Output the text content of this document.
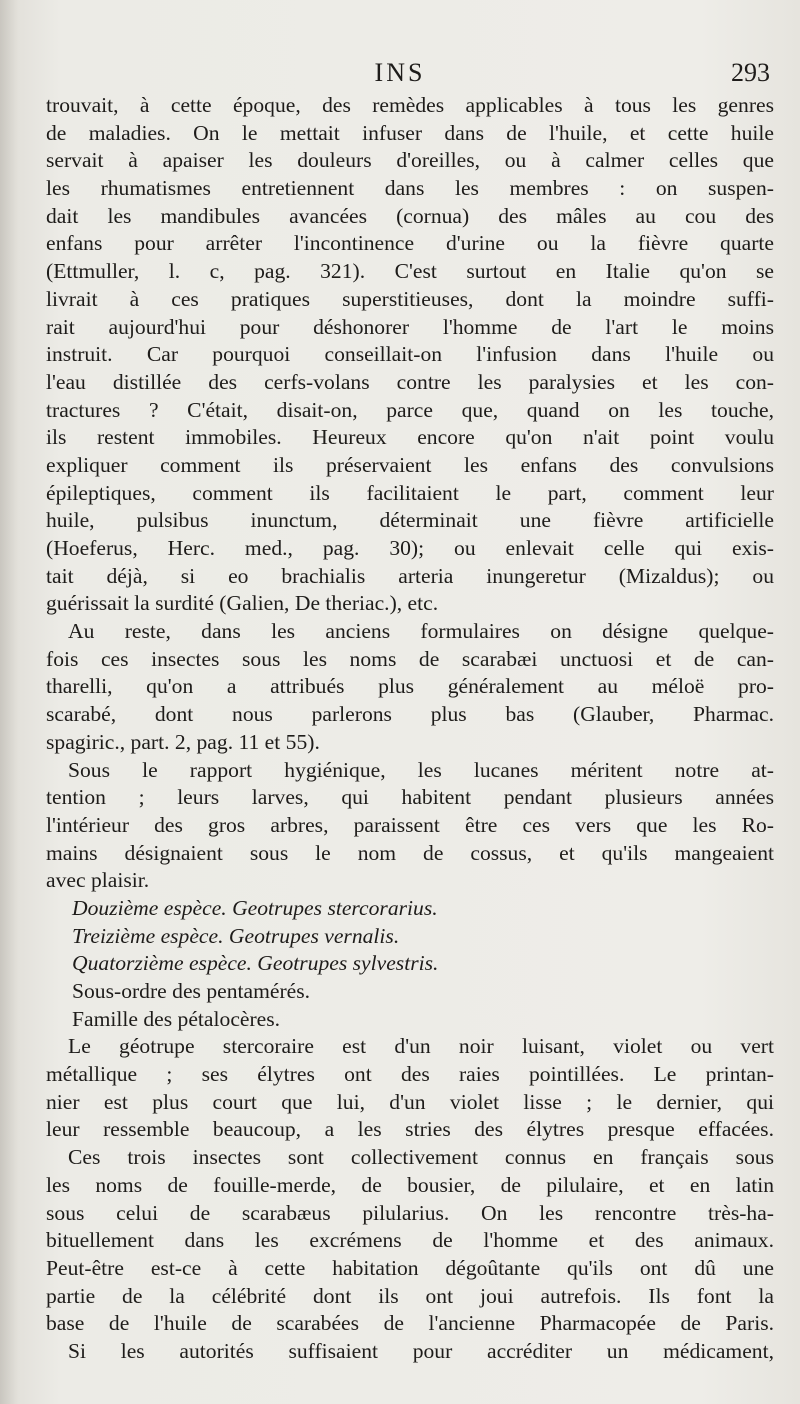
INS	293
trouvait, à cette époque, des remèdes applicables à tous les genres
de maladies. On le mettait infuser dans de l'huile, et cette huile
servait à apaiser les douleurs d'oreilles, ou à calmer celles que
les rhumatismes entretiennent dans les membres : on suspen-
dait les mandibules avancées (cornua) des mâles au cou des
enfans pour arrêter l'incontinence d'urine ou la fièvre quarte
(Ettmuller, l. c, pag. 321). C'est surtout en Italie qu'on se
livrait à ces pratiques superstitieuses, dont la moindre suffi-
rait aujourd'hui pour déshonorer l'homme de l'art le moins
instruit. Car pourquoi conseillait-on l'infusion dans l'huile ou
l'eau distillée des cerfs-volans contre les paralysies et les con-
tractures ? C'était, disait-on, parce que, quand on les touche,
ils restent immobiles. Heureux encore qu'on n'ait point voulu
expliquer comment ils préservaient les enfans des convulsions
épileptiques, comment ils facilitaient le part, comment leur
huile, pulsibus inunctum, déterminait une fièvre artificielle
(Hoeferus, Herc. med., pag. 30); ou enlevait celle qui exis-
tait déjà, si eo brachialis arteria inungeretur (Mizaldus); ou
guérissait la surdité (Galien, De theriac.), etc.
Au reste, dans les anciens formulaires on désigne quelque-
fois ces insectes sous les noms de scarabæi unctuosi et de can-
tharelli, qu'on a attribués plus généralement au méloë pro-
scarabé, dont nous parlerons plus bas (Glauber, Pharmac.
spagiric., part. 2, pag. 11 et 55).
Sous le rapport hygiénique, les lucanes méritent notre at-
tention ; leurs larves, qui habitent pendant plusieurs années
l'intérieur des gros arbres, paraissent être ces vers que les Ro-
mains désignaient sous le nom de cossus, et qu'ils mangeaient
avec plaisir.
Douzième espèce. Geotrupes stercorarius.
Treizième espèce. Geotrupes vernalis.
Quatorzième espèce. Geotrupes sylvestris.
Sous-ordre des pentamérés.
Famille des pétalocères.
Le géotrupe stercoraire est d'un noir luisant, violet ou vert
métallique ; ses élytres ont des raies pointillées. Le printan-
nier est plus court que lui, d'un violet lisse ; le dernier, qui
leur ressemble beaucoup, a les stries des élytres presque effacées.
Ces trois insectes sont collectivement connus en français sous
les noms de fouille-merde, de bousier, de pilulaire, et en latin
sous celui de scarabæus pilularius. On les rencontre très-ha-
bituellement dans les excrémens de l'homme et des animaux.
Peut-être est-ce à cette habitation dégoûtante qu'ils ont dû une
partie de la célébrité dont ils ont joui autrefois. Ils font la
base de l'huile de scarabées de l'ancienne Pharmacopée de Paris.
Si les autorités suffisaient pour accréditer un médicament,
